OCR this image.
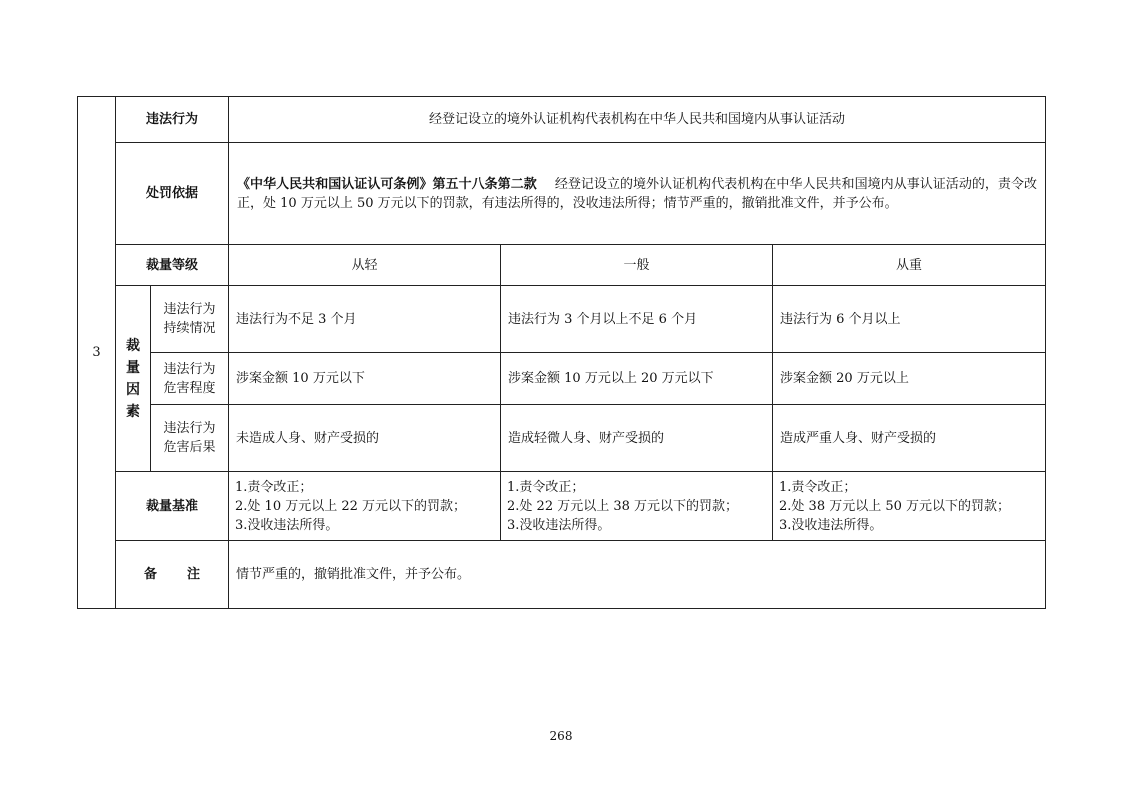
3	违法行为		经登记设立的境外认证机构代表机构在中华人民共和国境内从事认证活动		
	处罚依据		《中华人民共和国认证认可条例》第五十八条第二款 经登记设立的境外认证机构代表机构在中华人民共和国境内从事认证活动的，责令改正，处 10 万元以上 50 万元以下的罚款，有违法所得的，没收违法所得；情节严重的，撤销批准文件，并予公布。		
	裁量等级		从轻	一般	从重
	裁量因素	违法行为持续情况	违法行为不足 3 个月	违法行为 3 个月以上不足 6 个月	违法行为 6 个月以上
		违法行为危害程度	涉案金额 10 万元以下	涉案金额 10 万元以上 20 万元以下	涉案金额 20 万元以上
		违法行为危害后果	未造成人身、财产受损的	造成轻微人身、财产受损的	造成严重人身、财产受损的
	裁量基准		1.责令改正；
2.处 10 万元以上 22 万元以下的罚款；
3.没收违法所得。	1.责令改正；
2.处 22 万元以上 38 万元以下的罚款；
3.没收违法所得。	1.责令改正；
2.处 38 万元以上 50 万元以下的罚款；
3.没收违法所得。

	备 注		情节严重的，撤销批准文件，并予公布。		
268
